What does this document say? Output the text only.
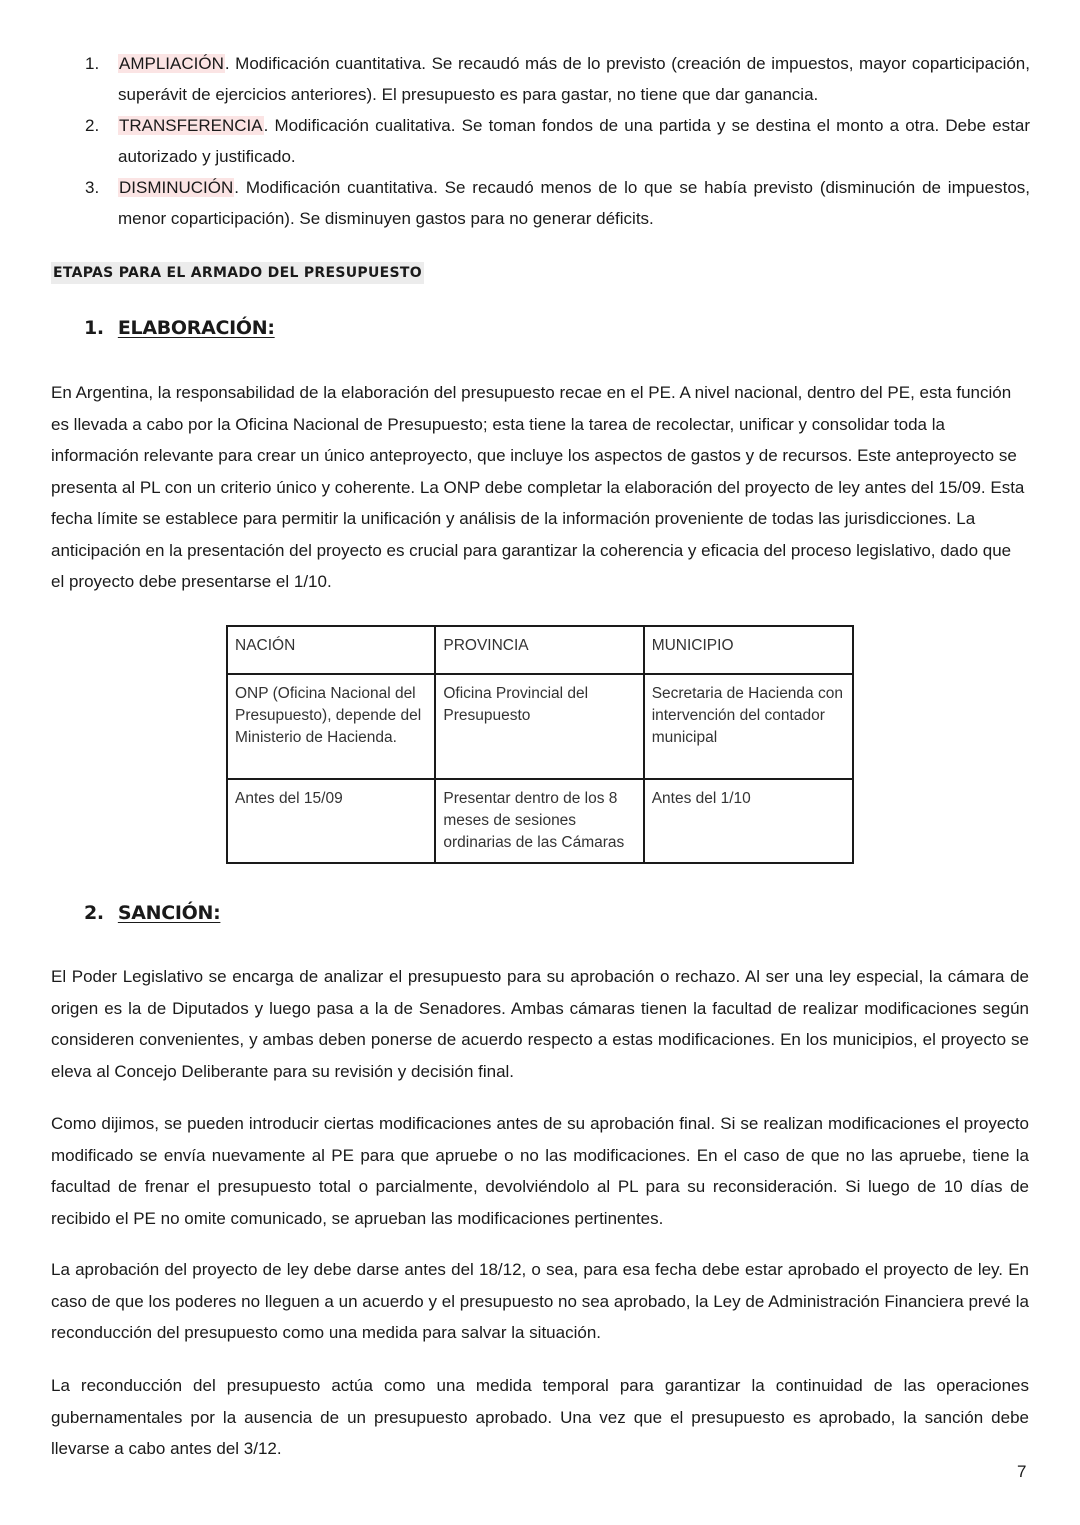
1. AMPLIACIÓN. Modificación cuantitativa. Se recaudó más de lo previsto (creación de impuestos, mayor coparticipación, superávit de ejercicios anteriores). El presupuesto es para gastar, no tiene que dar ganancia.
2. TRANSFERENCIA. Modificación cualitativa. Se toman fondos de una partida y se destina el monto a otra. Debe estar autorizado y justificado.
3. DISMINUCIÓN. Modificación cuantitativa. Se recaudó menos de lo que se había previsto (disminución de impuestos, menor coparticipación). Se disminuyen gastos para no generar déficits.
ETAPAS PARA EL ARMADO DEL PRESUPUESTO
1. ELABORACIÓN:

En Argentina, la responsabilidad de la elaboración del presupuesto recae en el PE. A nivel nacional, dentro del PE, esta función es llevada a cabo por la Oficina Nacional de Presupuesto; esta tiene la tarea de recolectar, unificar y consolidar toda la información relevante para crear un único anteproyecto, que incluye los aspectos de gastos y de recursos. Este anteproyecto se presenta al PL con un criterio único y coherente. La ONP debe completar la elaboración del proyecto de ley antes del 15/09. Esta fecha límite se establece para permitir la unificación y análisis de la información proveniente de todas las jurisdicciones. La anticipación en la presentación del proyecto es crucial para garantizar la coherencia y eficacia del proceso legislativo, dado que el proyecto debe presentarse el 1/10.

NACIÓN	PROVINCIA	MUNICIPIO
ONP (Oficina Nacional del Presupuesto), depende del Ministerio de Hacienda.	Oficina Provincial del Presupuesto	Secretaria de Hacienda con intervención del contador municipal
Antes del 15/09	Presentar dentro de los 8 meses de sesiones ordinarias de las Cámaras	Antes del 1/10
2. SANCIÓN:

El Poder Legislativo se encarga de analizar el presupuesto para su aprobación o rechazo. Al ser una ley especial, la cámara de origen es la de Diputados y luego pasa a la de Senadores. Ambas cámaras tienen la facultad de realizar modificaciones según consideren convenientes, y ambas deben ponerse de acuerdo respecto a estas modificaciones. En los municipios, el proyecto se eleva al Concejo Deliberante para su revisión y decisión final.

Como dijimos, se pueden introducir ciertas modificaciones antes de su aprobación final. Si se realizan modificaciones el proyecto modificado se envía nuevamente al PE para que apruebe o no las modificaciones. En el caso de que no las apruebe, tiene la facultad de frenar el presupuesto total o parcialmente, devolviéndolo al PL para su reconsideración. Si luego de 10 días de recibido el PE no omite comunicado, se aprueban las modificaciones pertinentes.

La aprobación del proyecto de ley debe darse antes del 18/12, o sea, para esa fecha debe estar aprobado el proyecto de ley. En caso de que los poderes no lleguen a un acuerdo y el presupuesto no sea aprobado, la Ley de Administración Financiera prevé la reconducción del presupuesto como una medida para salvar la situación.

La reconducción del presupuesto actúa como una medida temporal para garantizar la continuidad de las operaciones gubernamentales por la ausencia de un presupuesto aprobado. Una vez que el presupuesto es aprobado, la sanción debe llevarse a cabo antes del 3/12.

7
